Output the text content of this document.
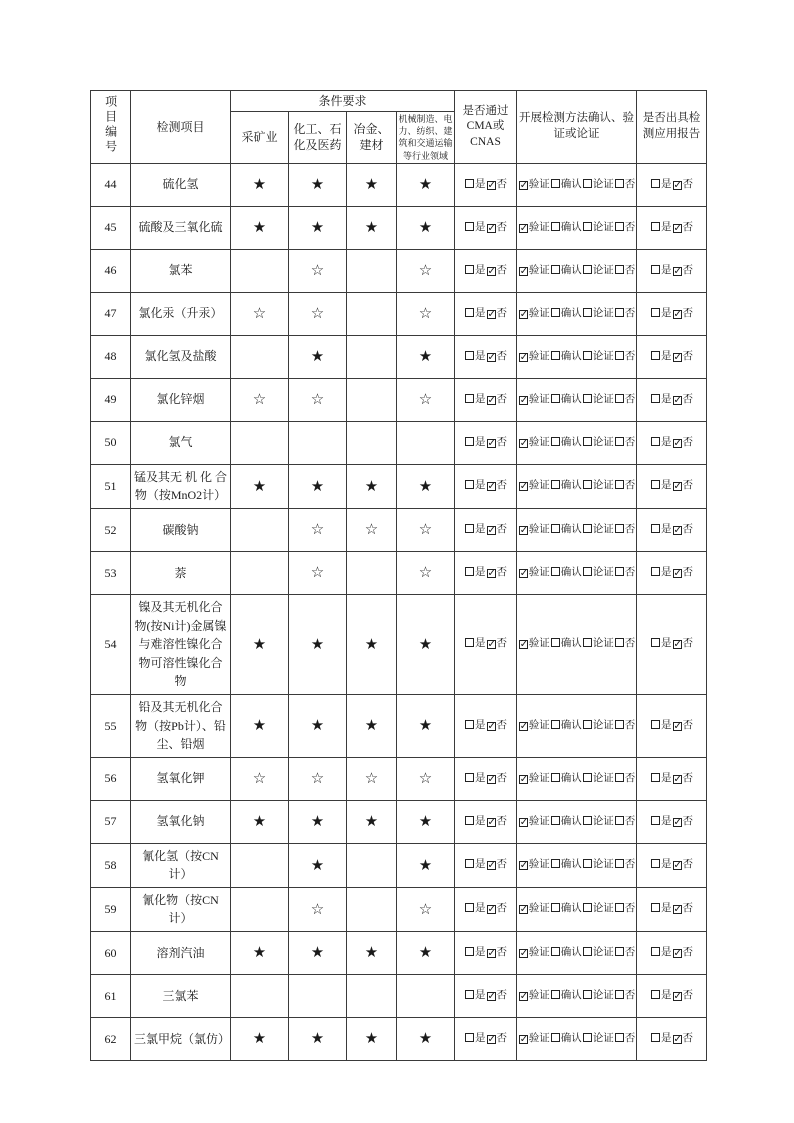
项目编号	检测项目	条件要求				是否通过CMA或CNAS	开展检测方法确认、验证或论证	是否出具检测应用报告
		采矿业	化工、石化及医药	冶金、建材	机械制造、电力、纺织、建筑和交通运输等行业领域			
44	硫化氢	★	★	★	★	是 ✓否	✓验证 确认 论证 否	是 ✓否
45	硫酸及三氧化硫	★	★	★	★	是 ✓否	✓验证 确认 论证 否	是 ✓否
46	氯苯		☆		☆	是 ✓否	✓验证 确认 论证 否	是 ✓否
47	氯化汞（升汞）	☆	☆		☆	是 ✓否	✓验证 确认 论证 否	是 ✓否
48	氯化氢及盐酸		★		★	是 ✓否	✓验证 确认 论证 否	是 ✓否
49	氯化锌烟	☆	☆		☆	是 ✓否	✓验证 确认 论证 否	是 ✓否
50	氯气					是 ✓否	✓验证 确认 论证 否	是 ✓否
51	锰及其无 机 化 合物（按MnO2计）	★	★	★	★	是 ✓否	✓验证 确认 论证 否	是 ✓否
52	碳酸钠		☆	☆	☆	是 ✓否	✓验证 确认 论证 否	是 ✓否
53	萘		☆		☆	是 ✓否	✓验证 确认 论证 否	是 ✓否
54	镍及其无机化合物(按Ni计)金属镍与难溶性镍化合物可溶性镍化合物	★	★	★	★	是 ✓否	✓验证 确认 论证 否	是 ✓否
55	铅及其无机化合物（按Pb计）、铅尘、铅烟	★	★	★	★	是 ✓否	✓验证 确认 论证 否	是 ✓否
56	氢氧化钾	☆	☆	☆	☆	是 ✓否	✓验证 确认 论证 否	是 ✓否
57	氢氧化钠	★	★	★	★	是 ✓否	✓验证 确认 论证 否	是 ✓否
58	氰化氢（按CN计）		★		★	是 ✓否	✓验证 确认 论证 否	是 ✓否
59	氰化物（按CN计）		☆		☆	是 ✓否	✓验证 确认 论证 否	是 ✓否
60	溶剂汽油	★	★	★	★	是 ✓否	✓验证 确认 论证 否	是 ✓否
61	三氯苯					是 ✓否	✓验证 确认 论证 否	是 ✓否
62	三氯甲烷（氯仿）	★	★	★	★	是 ✓否	✓验证 确认 论证 否	是 ✓否
